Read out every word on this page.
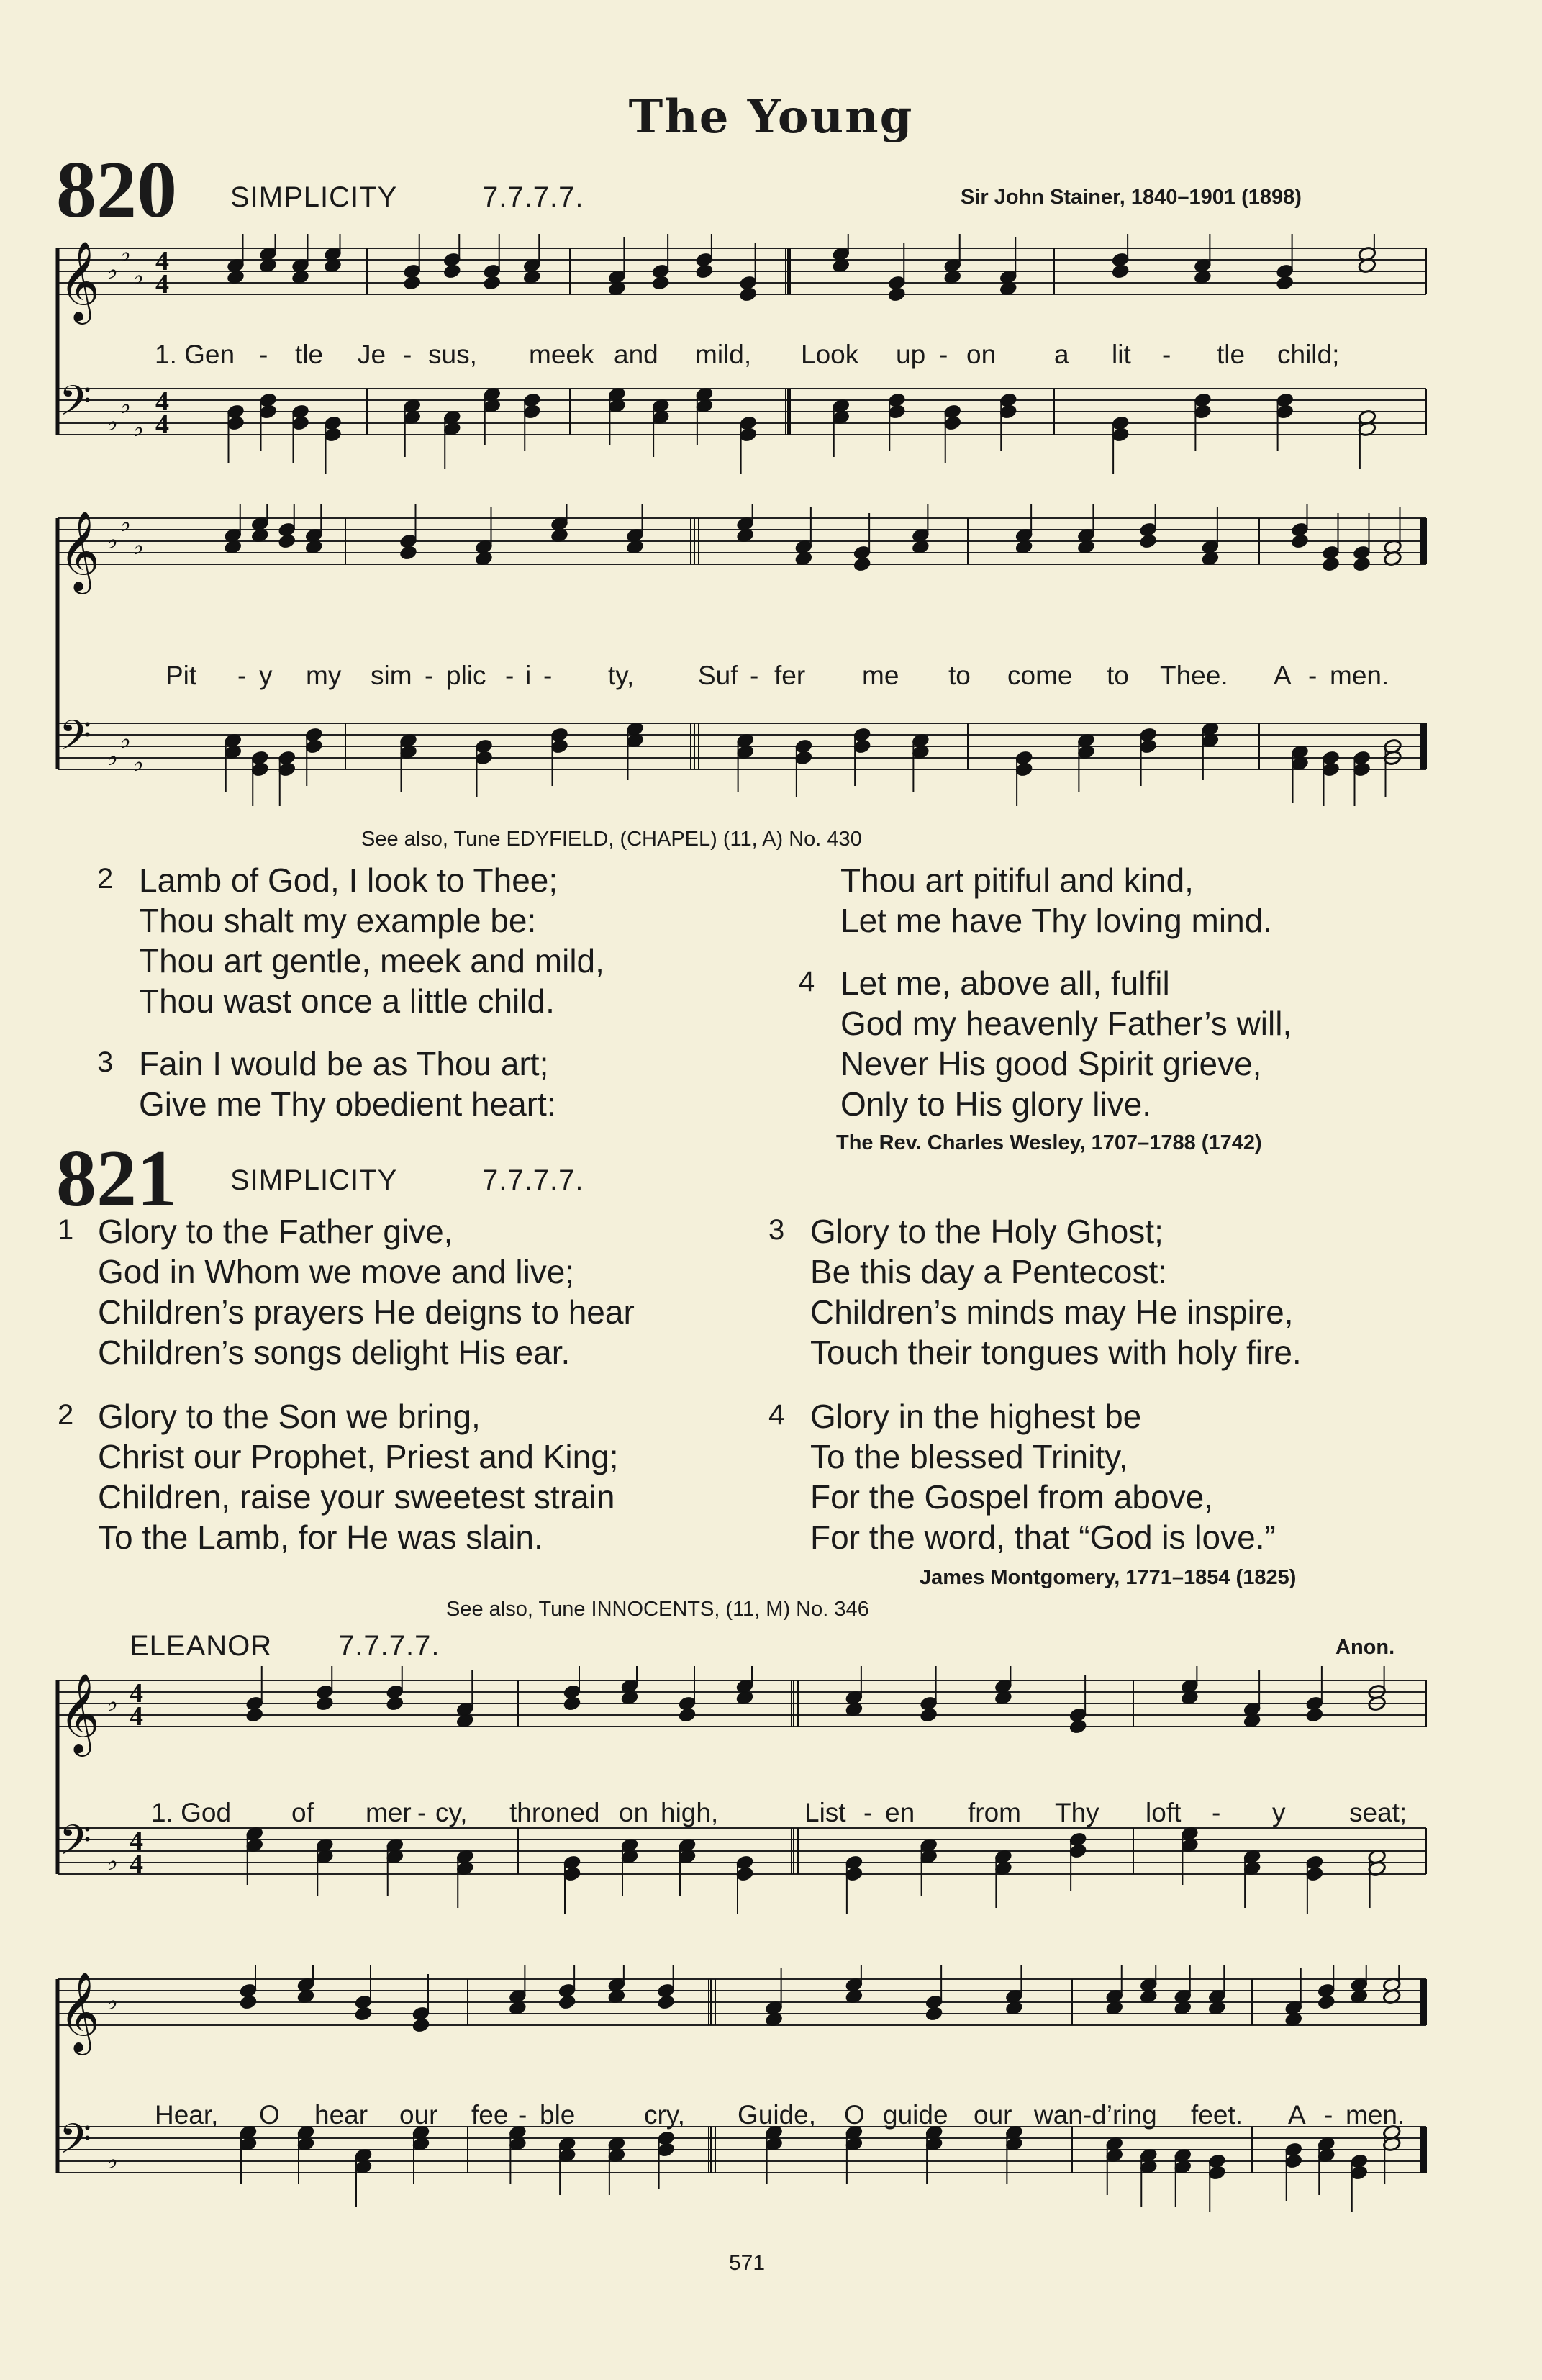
The Young
820 SIMPLICITY	7.7.7.7.	Sir John Stainer, 1840–1901 (1898)
𝄞 ♭
♭
♭ 4
4
𝄢 ♭
♭
♭
4
4
1. Gen - tle Je - sus, meek and mild, Look up - on a lit - tle child;
𝄞 ♭
♭
♭
𝄢 ♭
♭
♭
Pit - y my sim - plic - i - ty, Suf - fer me to come to Thee. A - men.
See also, Tune EDYFIELD, (CHAPEL) (11, A) No. 430
2 Lamb of God, I look to Thee;
Thou shalt my example be:
Thou art gentle, meek and mild,
Thou wast once a little child.
3 Fain I would be as Thou art;
Give me Thy obedient heart:
Thou art pitiful and kind,
Let me have Thy loving mind.
4 Let me, above all, fulfil
God my heavenly Father’s will,
Never His good Spirit grieve,
Only to His glory live.
The Rev. Charles Wesley, 1707–1788 (1742)
821 SIMPLICITY	7.7.7.7.
1 Glory to the Father give,
God in Whom we move and live;
Children’s prayers He deigns to hear
Children’s songs delight His ear.
2 Glory to the Son we bring,
Christ our Prophet, Priest and King;
Children, raise your sweetest strain
To the Lamb, for He was slain.
3 Glory to the Holy Ghost;
Be this day a Pentecost:
Children’s minds may He inspire,
Touch their tongues with holy fire.
4 Glory in the highest be
To the blessed Trinity,
For the Gospel from above,
For the word, that “God is love.”
James Montgomery, 1771–1854 (1825)
See also, Tune INNOCENTS, (11, M) No. 346
ELEANOR 7.7.7.7.	Anon.
𝄞 ♭ 4
4
𝄢 ♭
4
4
1. God of mer - cy, throned on high,	List - en from Thy loft - y seat;
𝄞 ♭
𝄢 ♭
Hear, O hear our fee - ble	cry, Guide, O guide our wan-d’ring feet. A - men.
571
